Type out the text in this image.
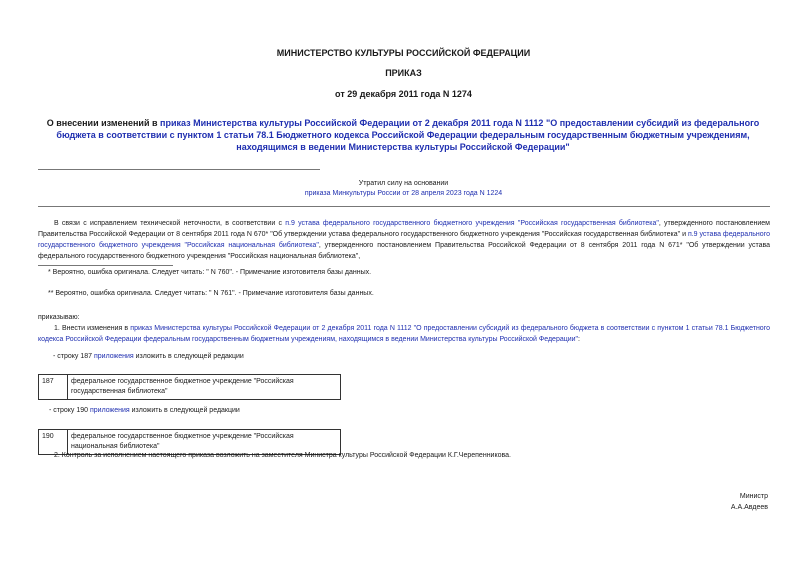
МИНИСТЕРСТВО КУЛЬТУРЫ РОССИЙСКОЙ ФЕДЕРАЦИИ
ПРИКАЗ
от 29 декабря 2011 года N 1274
О внесении изменений в приказ Министерства культуры Российской Федерации от 2 декабря 2011 года N 1112 "О предоставлении субсидий из федерального бюджета в соответствии с пунктом 1 статьи 78.1 Бюджетного кодекса Российской Федерации федеральным государственным бюджетным учреждениям, находящимся в ведении Министерства культуры Российской Федерации"
Утратил силу на основании
приказа Минкультуры России от 28 апреля 2023 года N 1224
В связи с исправлением технической неточности, в соответствии с п.9 устава федерального государственного бюджетного учреждения "Российская государственная библиотека", утвержденного постановлением Правительства Российской Федерации от 8 сентября 2011 года N 670* "Об утверждении устава федерального государственного бюджетного учреждения "Российская государственная библиотека" и п.9 устава федерального государственного бюджетного учреждения "Российская национальная библиотека", утвержденного постановлением Правительства Российской Федерации от 8 сентября 2011 года N 671* "Об утверждении устава федерального государственного бюджетного учреждения "Российская национальная библиотека",
* Вероятно, ошибка оригинала. Следует читать: " N 760". - Примечание изготовителя базы данных.
** Вероятно, ошибка оригинала. Следует читать: " N 761". - Примечание изготовителя базы данных.
приказываю:
1. Внести изменения в приказ Министерства культуры Российской Федерации от 2 декабря 2011 года N 1112 "О предоставлении субсидий из федерального бюджета в соответствии с пунктом 1 статьи 78.1 Бюджетного кодекса Российской Федерации федеральным государственным бюджетным учреждениям, находящимся в ведении Министерства культуры Российской Федерации":
- строку 187 приложения изложить в следующей редакции
187	федеральное государственное бюджетное учреждение "Российская государственная библиотека"
- строку 190 приложения изложить в следующей редакции
190	федеральное государственное бюджетное учреждение "Российская национальная библиотека"
2. Контроль за исполнением настоящего приказа возложить на заместителя Министра культуры Российской Федерации К.Г.Черепенникова.
Министр
А.А.Авдеев
